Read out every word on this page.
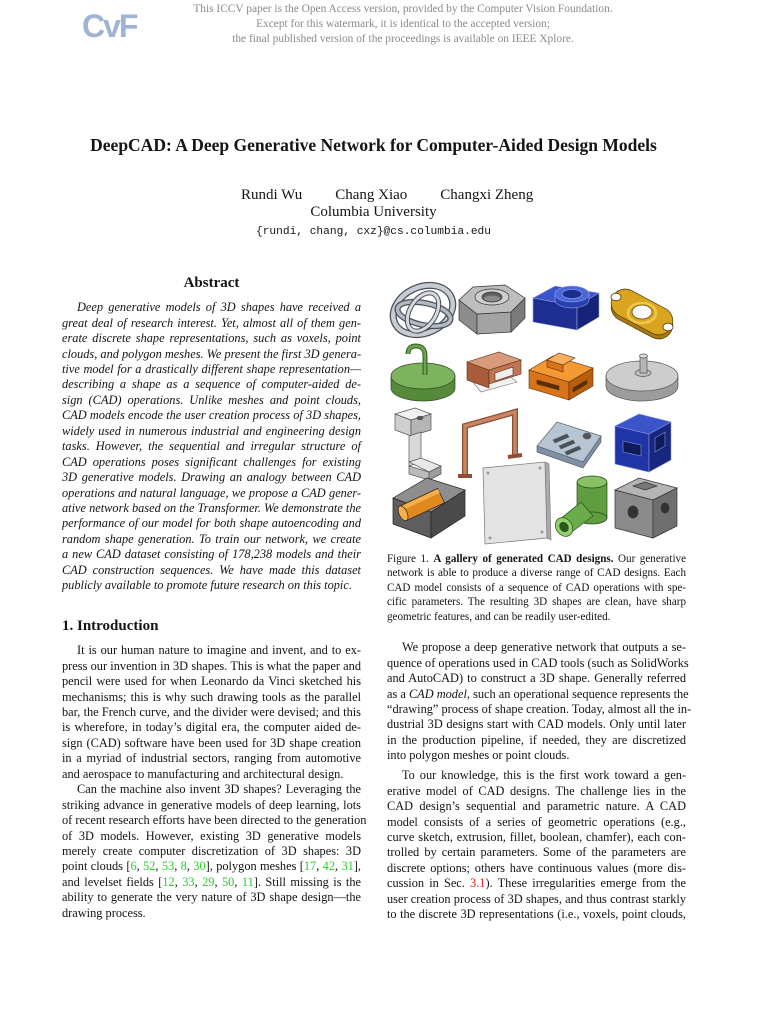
CvF	This ICCV paper is the Open Access version, provided by the Computer Vision Foundation.
Except for this watermark, it is identical to the accepted version;
the final published version of the proceedings is available on IEEE Xplore.
DeepCAD: A Deep Generative Network for Computer-Aided Design Models
Rundi Wu Chang Xiao Changxi Zheng
Columbia University
{rundi, chang, cxz}@cs.columbia.edu
Abstract
Deep generative models of 3D shapes have received a
great deal of research interest. Yet, almost all of them gen-
erate discrete shape representations, such as voxels, point
clouds, and polygon meshes. We present the first 3D genera-
tive model for a drastically different shape representation—
describing a shape as a sequence of computer-aided de-
sign (CAD) operations. Unlike meshes and point clouds,
CAD models encode the user creation process of 3D shapes,
widely used in numerous industrial and engineering design
tasks. However, the sequential and irregular structure of
CAD operations poses significant challenges for existing
3D generative models. Drawing an analogy between CAD
operations and natural language, we propose a CAD gener-
ative network based on the Transformer. We demonstrate the
performance of our model for both shape autoencoding and
random shape generation. To train our network, we create
a new CAD dataset consisting of 178,238 models and their
CAD construction sequences. We have made this dataset
publicly available to promote future research on this topic.
1. Introduction
It is our human nature to imagine and invent, and to ex-
press our invention in 3D shapes. This is what the paper and
pencil were used for when Leonardo da Vinci sketched his
mechanisms; this is why such drawing tools as the parallel
bar, the French curve, and the divider were devised; and this
is wherefore, in today’s digital era, the computer aided de-
sign (CAD) software have been used for 3D shape creation
in a myriad of industrial sectors, ranging from automotive
and aerospace to manufacturing and architectural design.
Can the machine also invent 3D shapes? Leveraging the
striking advance in generative models of deep learning, lots
of recent research efforts have been directed to the generation
of 3D models. However, existing 3D generative models
merely create computer discretization of 3D shapes: 3D
point clouds [6, 52, 53, 8, 30], polygon meshes [17, 42, 31],
and levelset fields [12, 33, 29, 50, 11]. Still missing is the
ability to generate the very nature of 3D shape design—the
drawing process.
Figure 1. A gallery of generated CAD designs. Our generative
network is able to produce a diverse range of CAD designs. Each
CAD model consists of a sequence of CAD operations with spe-
cific parameters. The resulting 3D shapes are clean, have sharp
geometric features, and can be readily user-edited.
We propose a deep generative network that outputs a se-
quence of operations used in CAD tools (such as SolidWorks
and AutoCAD) to construct a 3D shape. Generally referred
as a CAD model, such an operational sequence represents the
“drawing” process of shape creation. Today, almost all the in-
dustrial 3D designs start with CAD models. Only until later
in the production pipeline, if needed, they are discretized
into polygon meshes or point clouds.
To our knowledge, this is the first work toward a gen-
erative model of CAD designs. The challenge lies in the
CAD design’s sequential and parametric nature. A CAD
model consists of a series of geometric operations (e.g.,
curve sketch, extrusion, fillet, boolean, chamfer), each con-
trolled by certain parameters. Some of the parameters are
discrete options; others have continuous values (more dis-
cussion in Sec. 3.1). These irregularities emerge from the
user creation process of 3D shapes, and thus contrast starkly
to the discrete 3D representations (i.e., voxels, point clouds,
